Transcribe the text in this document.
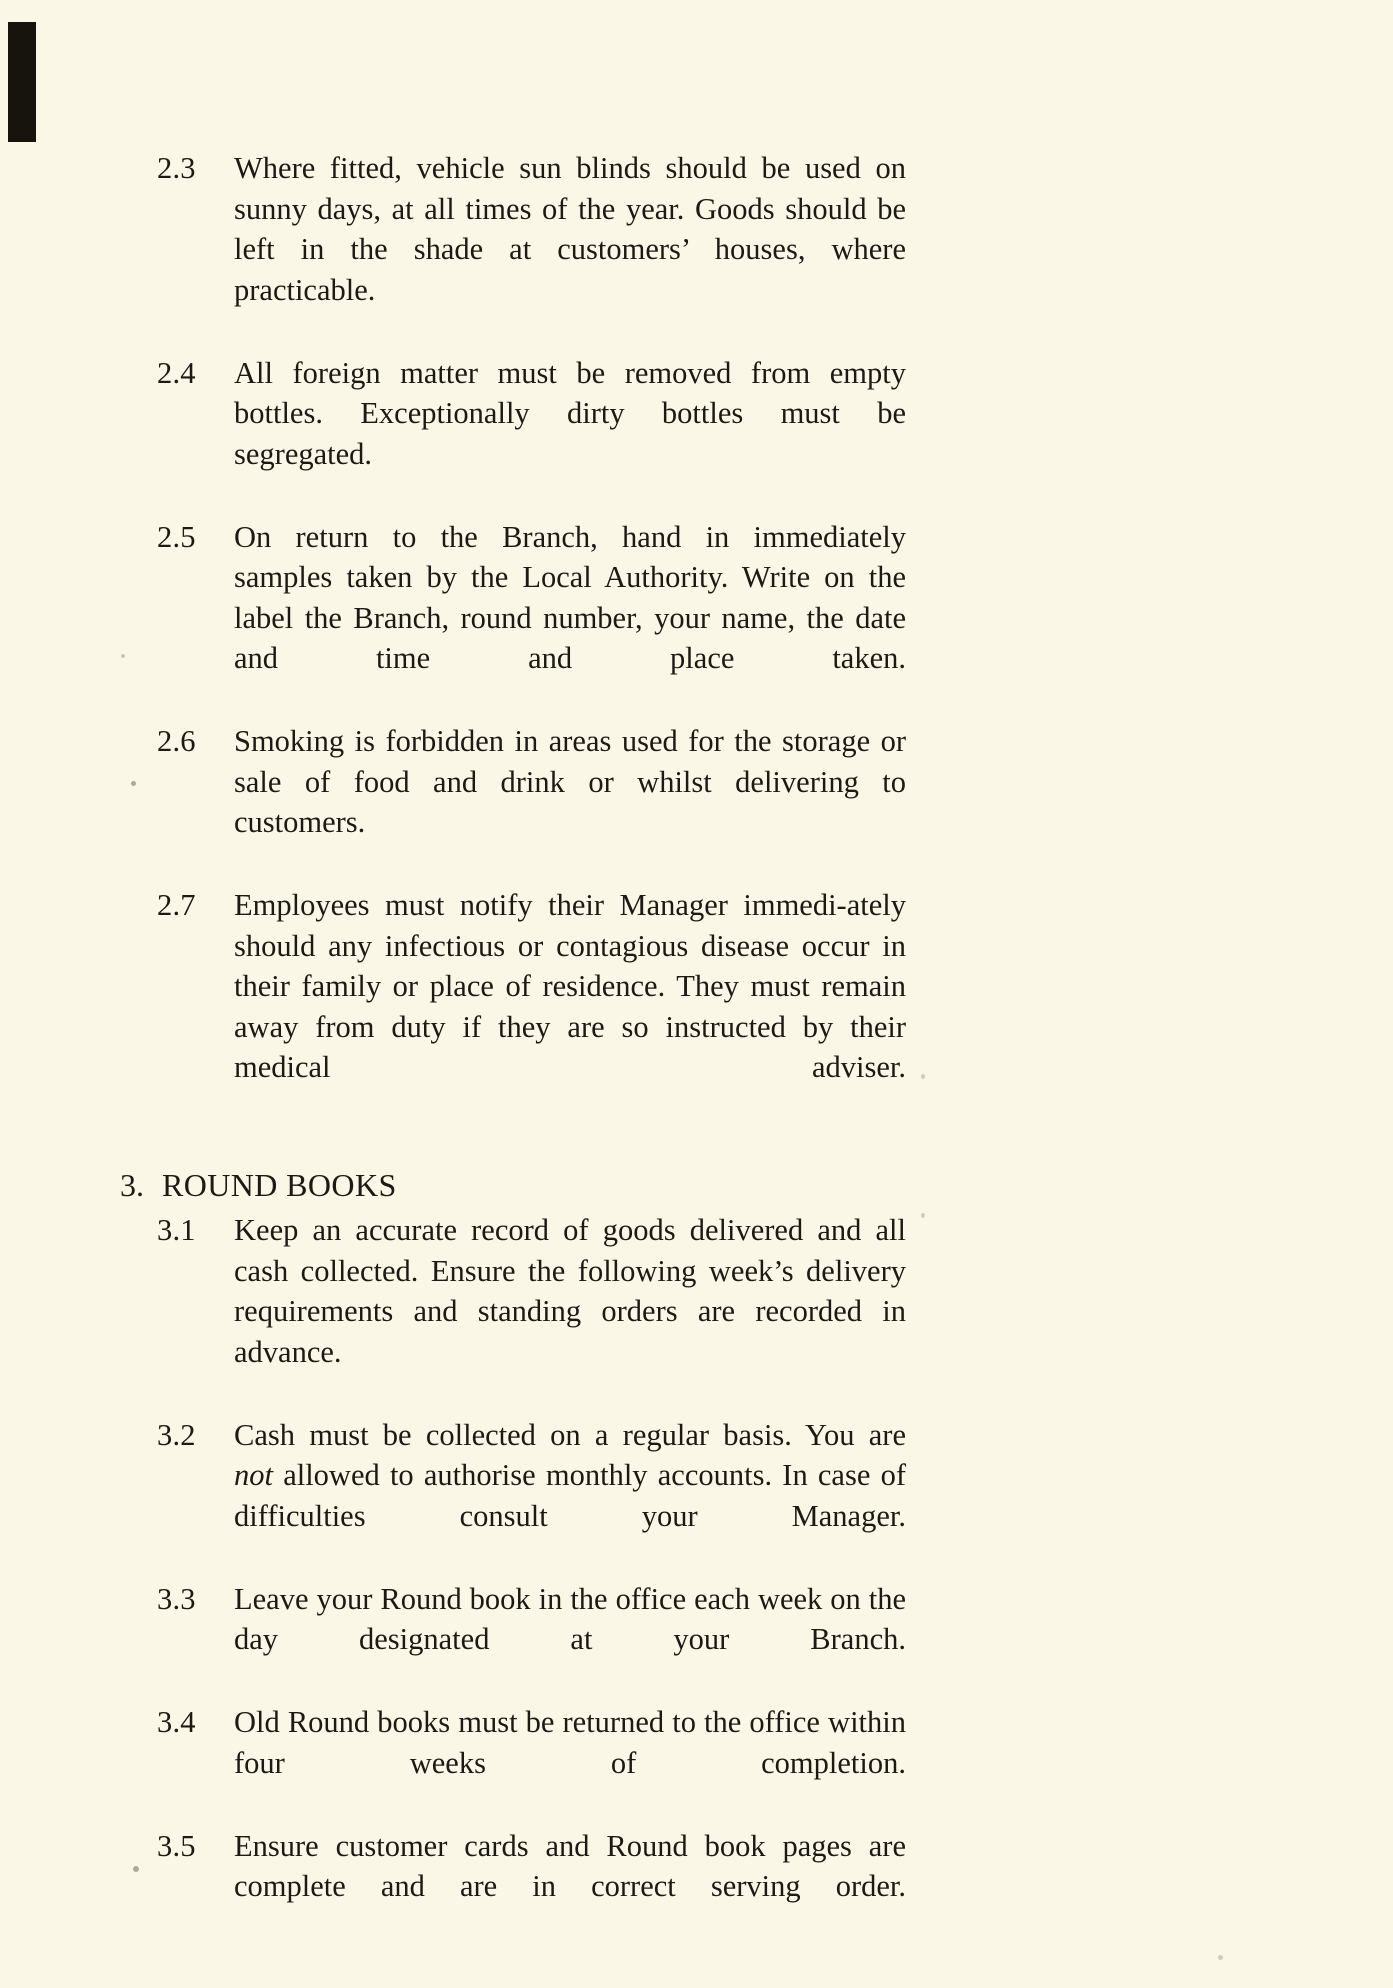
2.3	Where fitted, vehicle sun blinds should be used on sunny days, at all times of the year. Goods should be left in the shade at customers’ houses, where practicable.
2.4	All foreign matter must be removed from empty bottles. Exceptionally dirty bottles must be segregated.
2.5	On return to the Branch, hand in immediately samples taken by the Local Authority. Write on the label the Branch, round number, your name, the date and time and place taken.
2.6	Smoking is forbidden in areas used for the storage or sale of food and drink or whilst delivering to customers.
2.7	Employees must notify their Manager immedi-ately should any infectious or contagious disease occur in their family or place of residence. They must remain away from duty if they are so instructed by their medical adviser.
3. ROUND BOOKS
3.1	Keep an accurate record of goods delivered and all cash collected. Ensure the following week’s delivery requirements and standing orders are recorded in advance.
3.2	Cash must be collected on a regular basis. You are not allowed to authorise monthly accounts. In case of difficulties consult your Manager.
3.3	Leave your Round book in the office each week on the day designated at your Branch.
3.4	Old Round books must be returned to the office within four weeks of completion.
3.5	Ensure customer cards and Round book pages are complete and are in correct serving order.
